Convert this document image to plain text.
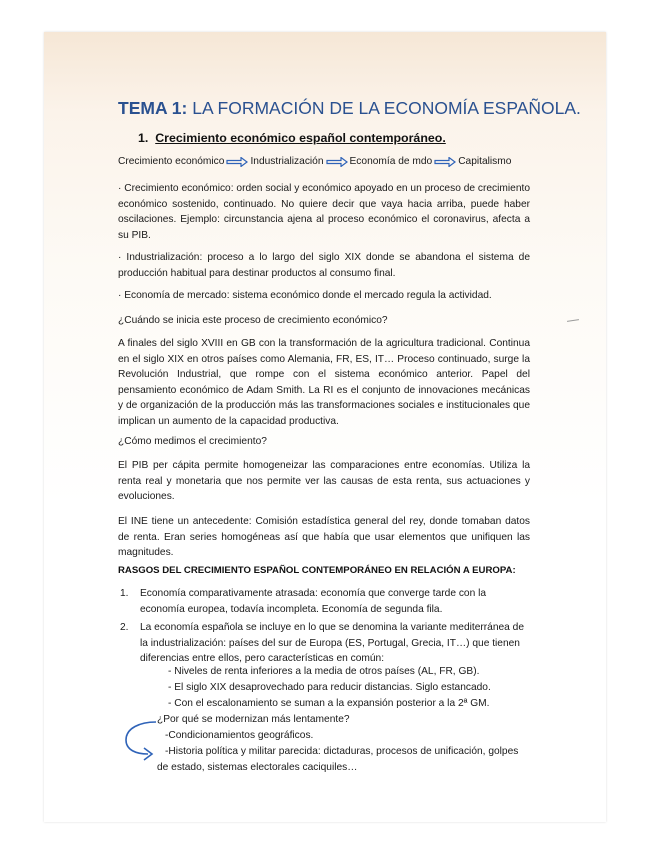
TEMA 1: LA FORMACIÓN DE LA ECONOMÍA ESPAÑOLA.
1. Crecimiento económico español contemporáneo.
Crecimiento económico	Industrialización	Economía de mdo	Capitalismo
· Crecimiento económico: orden social y económico apoyado en un proceso de crecimiento económico sostenido, continuado. No quiere decir que vaya hacia arriba, puede haber oscilaciones. Ejemplo: circunstancia ajena al proceso económico el coronavirus, afecta a su PIB.
· Industrialización: proceso a lo largo del siglo XIX donde se abandona el sistema de producción habitual para destinar productos al consumo final.
· Economía de mercado: sistema económico donde el mercado regula la actividad.
¿Cuándo se inicia este proceso de crecimiento económico?
A finales del siglo XVIII en GB con la transformación de la agricultura tradicional. Continua en el siglo XIX en otros países como Alemania, FR, ES, IT… Proceso continuado, surge la Revolución Industrial, que rompe con el sistema económico anterior. Papel del pensamiento económico de Adam Smith. La RI es el conjunto de innovaciones mecánicas y de organización de la producción más las transformaciones sociales e institucionales que implican un aumento de la capacidad productiva.
¿Cómo medimos el crecimiento?
El PIB per cápita permite homogeneizar las comparaciones entre economías. Utiliza la renta real y monetaria que nos permite ver las causas de esta renta, sus actuaciones y evoluciones.
El INE tiene un antecedente: Comisión estadística general del rey, donde tomaban datos de renta. Eran series homogéneas así que había que usar elementos que unifiquen las magnitudes.
RASGOS DEL CRECIMIENTO ESPAÑOL CONTEMPORÁNEO EN RELACIÓN A EUROPA:
1. Economía comparativamente atrasada: economía que converge tarde con la economía europea, todavía incompleta. Economía de segunda fila.
2. La economía española se incluye en lo que se denomina la variante mediterránea de la industrialización: países del sur de Europa (ES, Portugal, Grecia, IT…) que tienen diferencias entre ellos, pero características en común:
- Niveles de renta inferiores a la media de otros países (AL, FR, GB).
- El siglo XIX desaprovechado para reducir distancias. Siglo estancado.
- Con el escalonamiento se suman a la expansión posterior a la 2ª GM.
¿Por qué se modernizan más lentamente?
-Condicionamientos geográficos.
-Historia política y militar parecida: dictaduras, procesos de unificación, golpes
de estado, sistemas electorales caciquiles…
